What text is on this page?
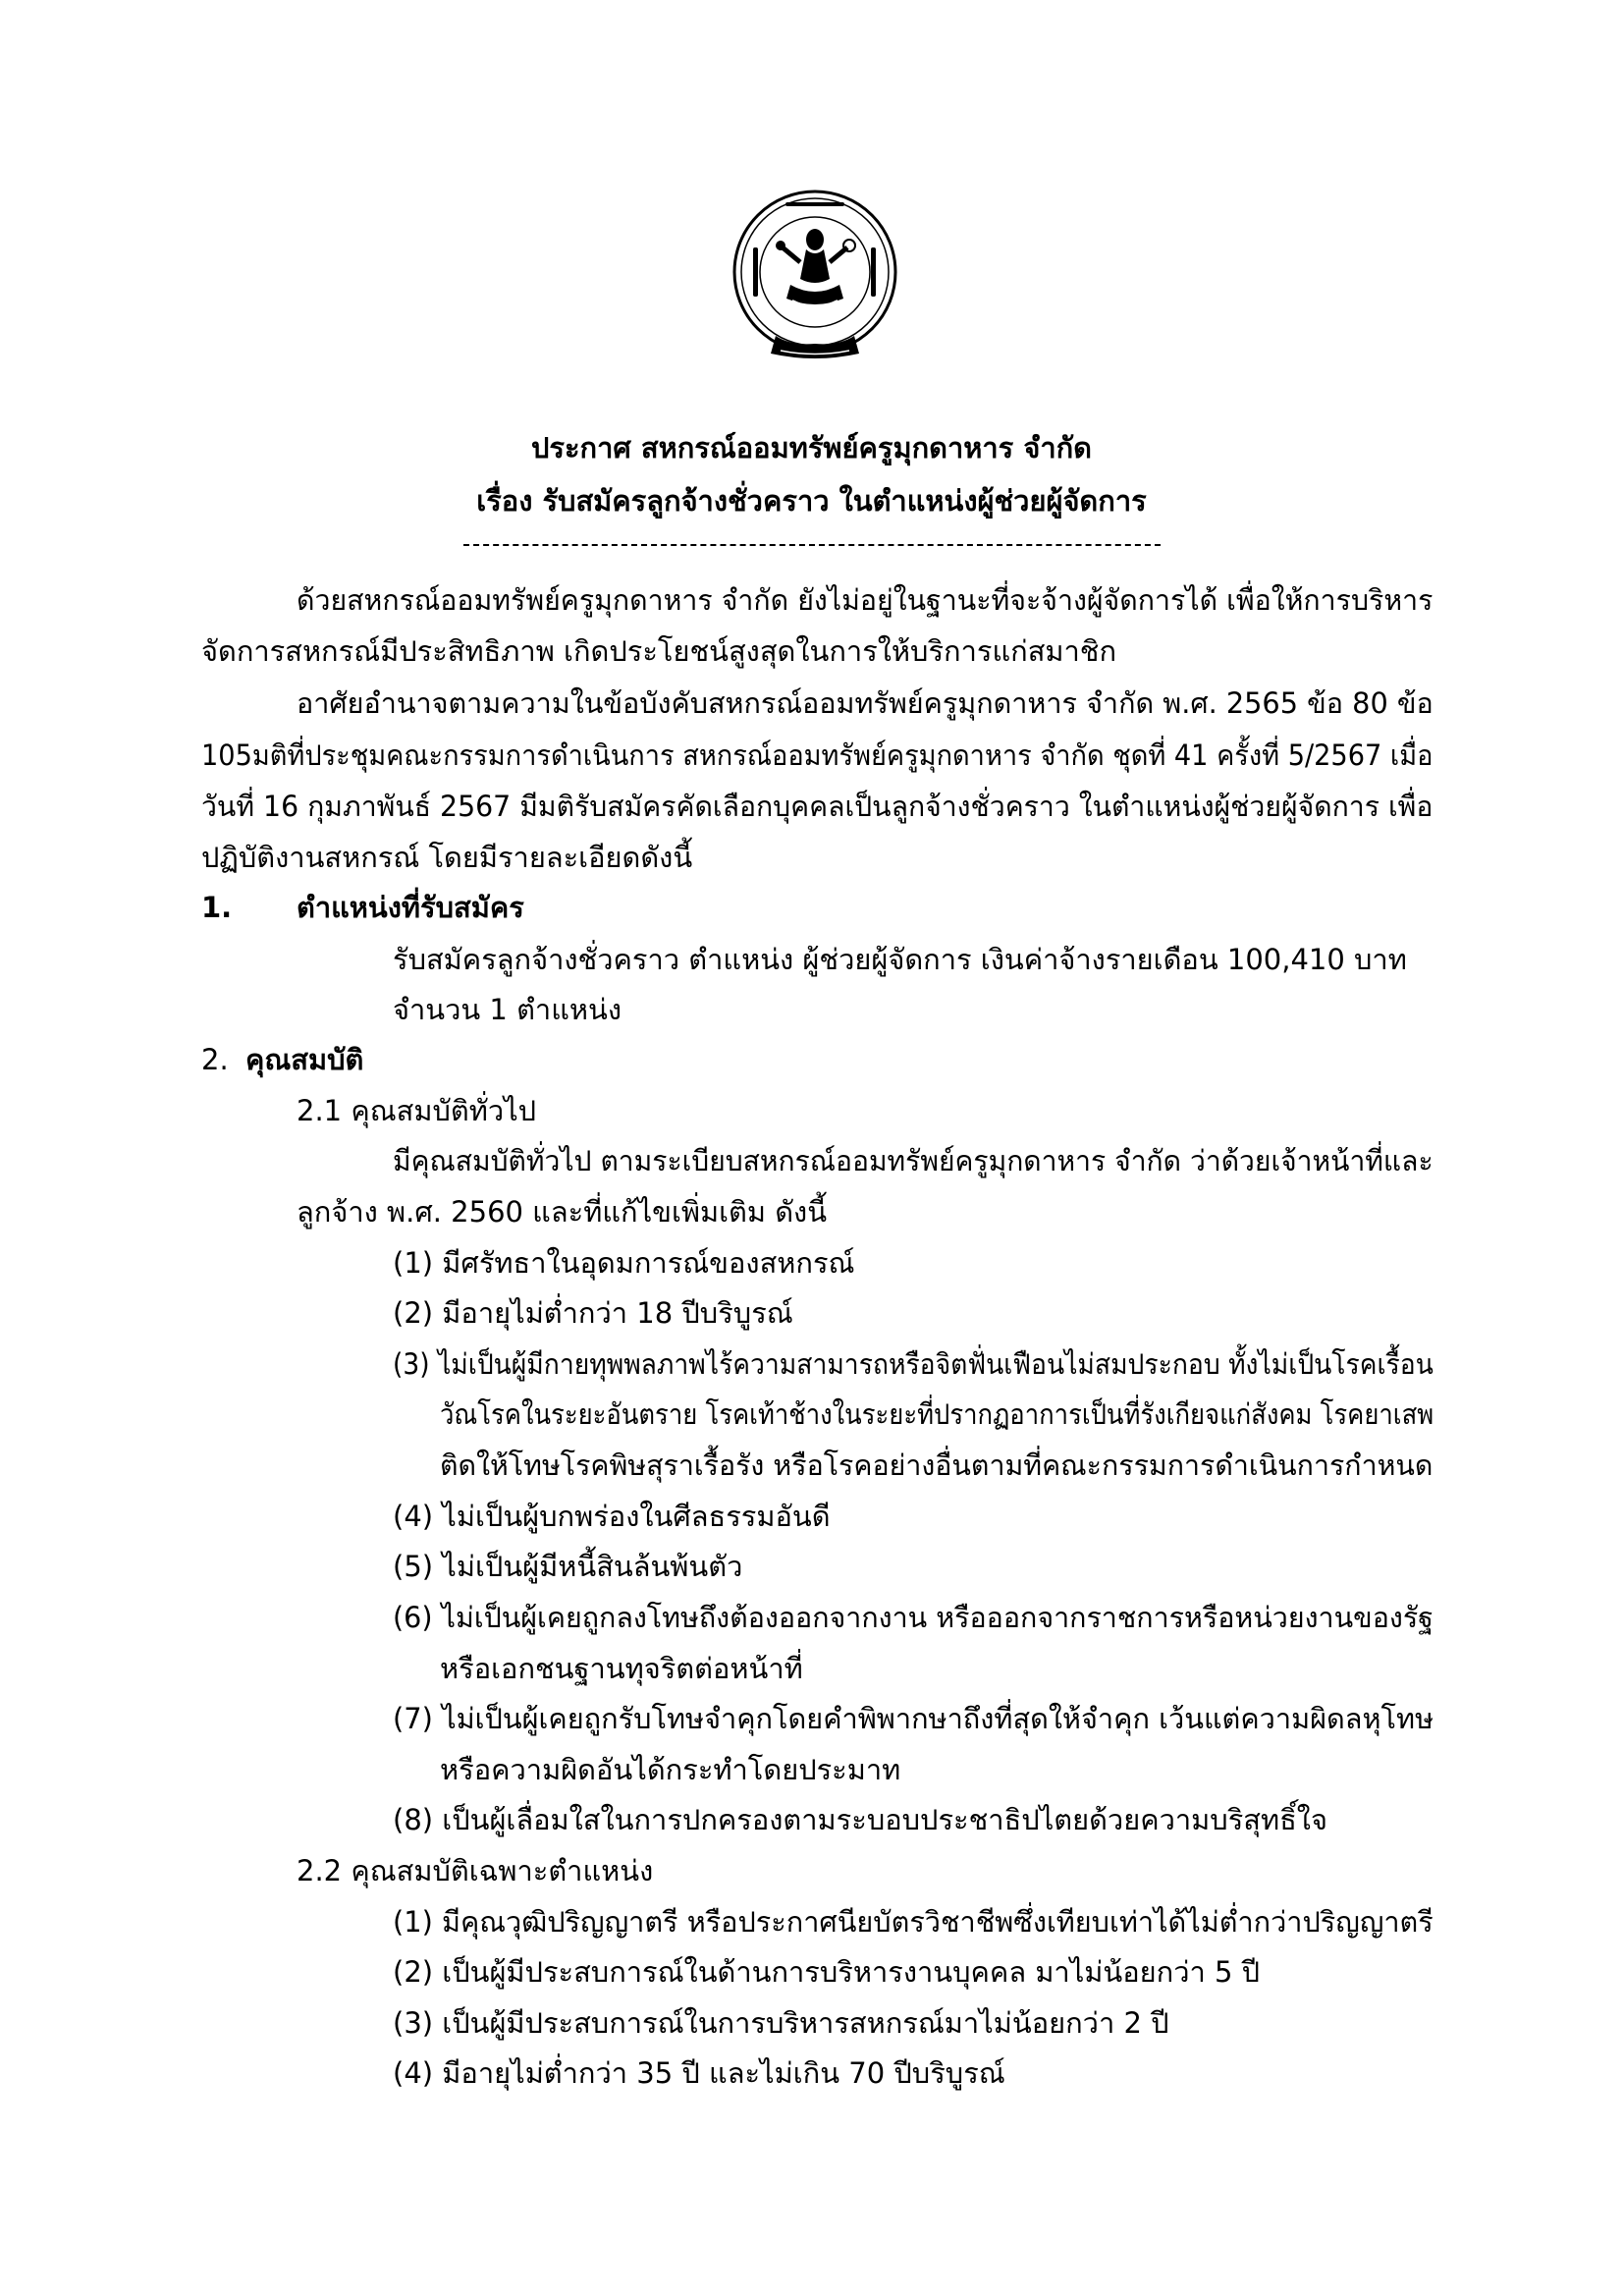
ประกาศ สหกรณ์ออมทรัพย์ครูมุกดาหาร จำกัด
เรื่อง รับสมัครลูกจ้างชั่วคราว ในตำแหน่งผู้ช่วยผู้จัดการ
ด้วยสหกรณ์ออมทรัพย์ครูมุกดาหาร จำกัด ยังไม่อยู่ในฐานะที่จะจ้างผู้จัดการได้ เพื่อให้การบริหาร
จัดการสหกรณ์มีประสิทธิภาพ เกิดประโยชน์สูงสุดในการให้บริการแก่สมาชิก
อาศัยอำนาจตามความในข้อบังคับสหกรณ์ออมทรัพย์ครูมุกดาหาร จำกัด พ.ศ. 2565 ข้อ 80 ข้อ
105มติที่ประชุมคณะกรรมการดำเนินการ สหกรณ์ออมทรัพย์ครูมุกดาหาร จำกัด ชุดที่ 41 ครั้งที่ 5/2567 เมื่อ
วันที่ 16 กุมภาพันธ์ 2567 มีมติรับสมัครคัดเลือกบุคคลเป็นลูกจ้างชั่วคราว ในตำแหน่งผู้ช่วยผู้จัดการ เพื่อ
ปฏิบัติงานสหกรณ์ โดยมีรายละเอียดดังนี้
1. ตำแหน่งที่รับสมัคร
รับสมัครลูกจ้างชั่วคราว ตำแหน่ง ผู้ช่วยผู้จัดการ เงินค่าจ้างรายเดือน 100,410 บาท
จำนวน 1 ตำแหน่ง
2. คุณสมบัติ
2.1 คุณสมบัติทั่วไป
มีคุณสมบัติทั่วไป ตามระเบียบสหกรณ์ออมทรัพย์ครูมุกดาหาร จำกัด ว่าด้วยเจ้าหน้าที่และ
ลูกจ้าง พ.ศ. 2560 และที่แก้ไขเพิ่มเติม ดังนี้
(1) มีศรัทธาในอุดมการณ์ของสหกรณ์
(2) มีอายุไม่ต่ำกว่า 18 ปีบริบูรณ์
(3) ไม่เป็นผู้มีกายทุพพลภาพไร้ความสามารถหรือจิตฟั่นเฟือนไม่สมประกอบ ทั้งไม่เป็นโรคเรื้อน
วัณโรคในระยะอันตราย โรคเท้าช้างในระยะที่ปรากฏอาการเป็นที่รังเกียจแก่สังคม โรคยาเสพ
ติดให้โทษโรคพิษสุราเรื้อรัง หรือโรคอย่างอื่นตามที่คณะกรรมการดำเนินการกำหนด
(4) ไม่เป็นผู้บกพร่องในศีลธรรมอันดี
(5) ไม่เป็นผู้มีหนี้สินล้นพ้นตัว
(6) ไม่เป็นผู้เคยถูกลงโทษถึงต้องออกจากงาน หรือออกจากราชการหรือหน่วยงานของรัฐ
หรือเอกชนฐานทุจริตต่อหน้าที่
(7) ไม่เป็นผู้เคยถูกรับโทษจำคุกโดยคำพิพากษาถึงที่สุดให้จำคุก เว้นแต่ความผิดลหุโทษ
หรือความผิดอันได้กระทำโดยประมาท
(8) เป็นผู้เลื่อมใสในการปกครองตามระบอบประชาธิปไตยด้วยความบริสุทธิ์ใจ
2.2 คุณสมบัติเฉพาะตำแหน่ง
(1) มีคุณวุฒิปริญญาตรี หรือประกาศนียบัตรวิชาชีพซึ่งเทียบเท่าได้ไม่ต่ำกว่าปริญญาตรี
(2) เป็นผู้มีประสบการณ์ในด้านการบริหารงานบุคคล มาไม่น้อยกว่า 5 ปี
(3) เป็นผู้มีประสบการณ์ในการบริหารสหกรณ์มาไม่น้อยกว่า 2 ปี
(4) มีอายุไม่ต่ำกว่า 35 ปี และไม่เกิน 70 ปีบริบูรณ์
